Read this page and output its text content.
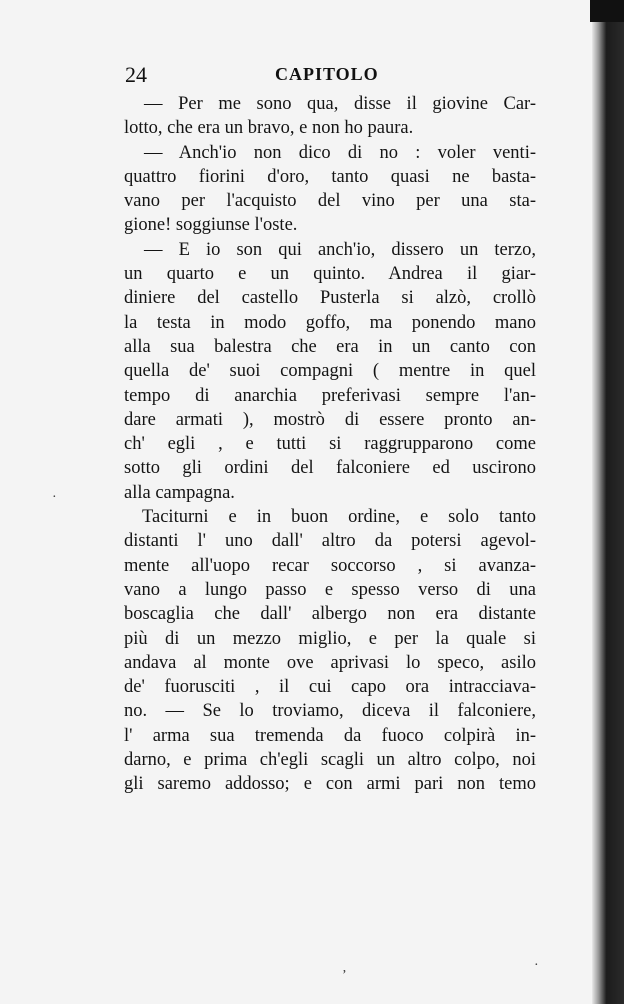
24	CAPITOLO
— Per me sono qua, disse il giovine Car-
lotto, che era un bravo, e non ho paura.
— Anch'io non dico di no : voler venti-
quattro fiorini d'oro, tanto quasi ne basta-
vano per l'acquisto del vino per una sta-
gione! soggiunse l'oste.
— E io son qui anch'io, dissero un terzo,
un quarto e un quinto. Andrea il giar-
diniere del castello Pusterla si alzò, crollò
la testa in modo goffo, ma ponendo mano
alla sua balestra che era in un canto con
quella de' suoi compagni ( mentre in quel
tempo di anarchia preferivasi sempre l'an-
dare armati ), mostrò di essere pronto an-
ch' egli , e tutti si raggrupparono come
sotto gli ordini del falconiere ed uscirono
alla campagna.
Taciturni e in buon ordine, e solo tanto
distanti l' uno dall' altro da potersi agevol-
mente all'uopo recar soccorso , si avanza-
vano a lungo passo e spesso verso di una
boscaglia che dall' albergo non era distante
più di un mezzo miglio, e per la quale si
andava al monte ove aprivasi lo speco, asilo
de' fuorusciti , il cui capo ora intracciava-
no. — Se lo troviamo, diceva il falconiere,
l' arma sua tremenda da fuoco colpirà in-
darno, e prima ch'egli scagli un altro colpo, noi
gli saremo addosso; e con armi pari non temo
·
ʼ
·
